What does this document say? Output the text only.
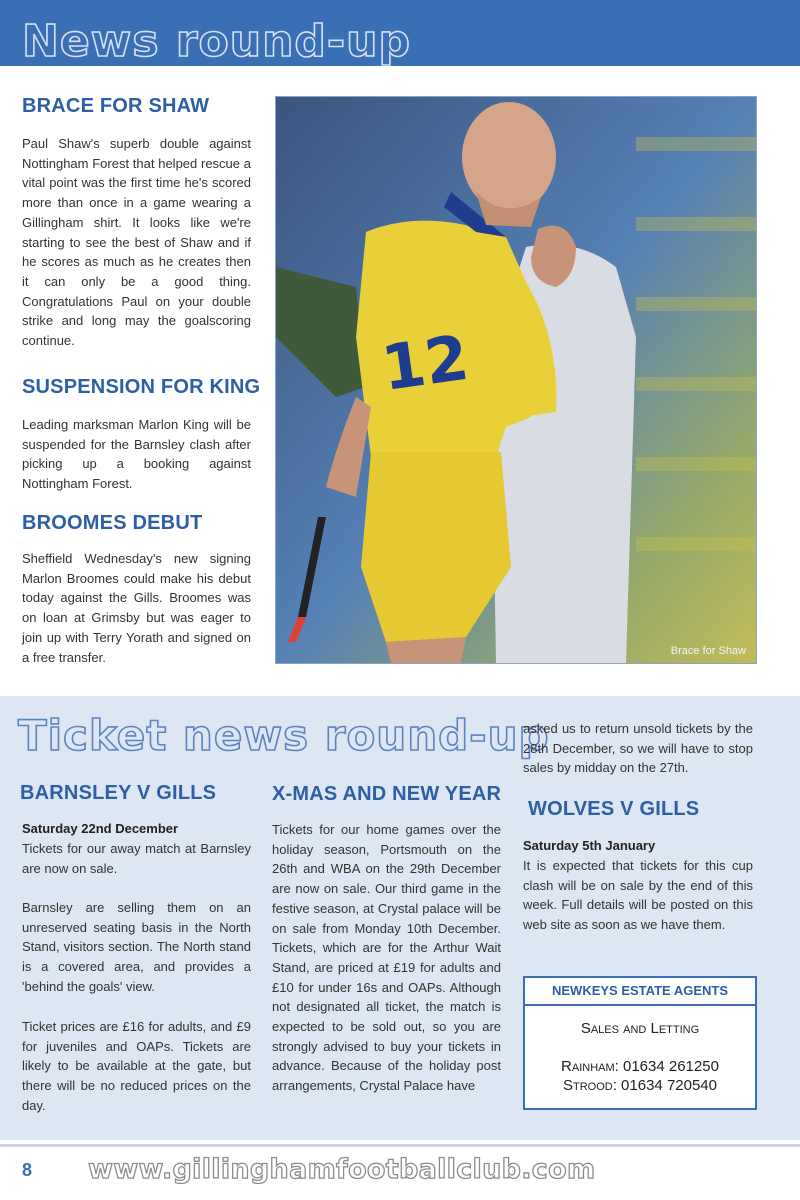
News round-up
BRACE FOR SHAW
Paul Shaw's superb double against Nottingham Forest that helped rescue a vital point was the first time he's scored more than once in a game wearing a Gillingham shirt. It looks like we're starting to see the best of Shaw and if he scores as much as he creates then it can only be a good thing. Congratulations Paul on your double strike and long may the goalscoring continue.
SUSPENSION FOR KING
Leading marksman Marlon King will be suspended for the Barnsley clash after picking up a booking against Nottingham Forest.
BROOMES DEBUT
Sheffield Wednesday's new signing Marlon Broomes could make his debut today against the Gills. Broomes was on loan at Grimsby but was eager to join up with Terry Yorath and signed on a free transfer.
12
Brace for Shaw
Ticket news round-up
BARNSLEY V GILLS
Saturday 22nd December
Tickets for our away match at Barnsley are now on sale.
Barnsley are selling them on an unreserved seating basis in the North Stand, visitors section. The North stand is a covered area, and provides a 'behind the goals' view.
Ticket prices are £16 for adults, and £9 for juveniles and OAPs. Tickets are likely to be available at the gate, but there will be no reduced prices on the day.
X-MAS AND NEW YEAR
Tickets for our home games over the holiday season, Portsmouth on the 26th and WBA on the 29th December are now on sale. Our third game in the festive season, at Crystal palace will be on sale from Monday 10th December. Tickets, which are for the Arthur Wait Stand, are priced at £19 for adults and £10 for under 16s and OAPs. Although not designated all ticket, the match is expected to be sold out, so you are strongly advised to buy your tickets in advance. Because of the holiday post arrangements, Crystal Palace have
asked us to return unsold tickets by the 28th December, so we will have to stop sales by midday on the 27th.
WOLVES V GILLS
Saturday 5th January
It is expected that tickets for this cup clash will be on sale by the end of this week. Full details will be posted on this web site as soon as we have them.
NEWKEYS ESTATE AGENTS
Sales and Letting
Rainham: 01634 261250
Strood: 01634 720540
8 www.gillinghamfootballclub.com
